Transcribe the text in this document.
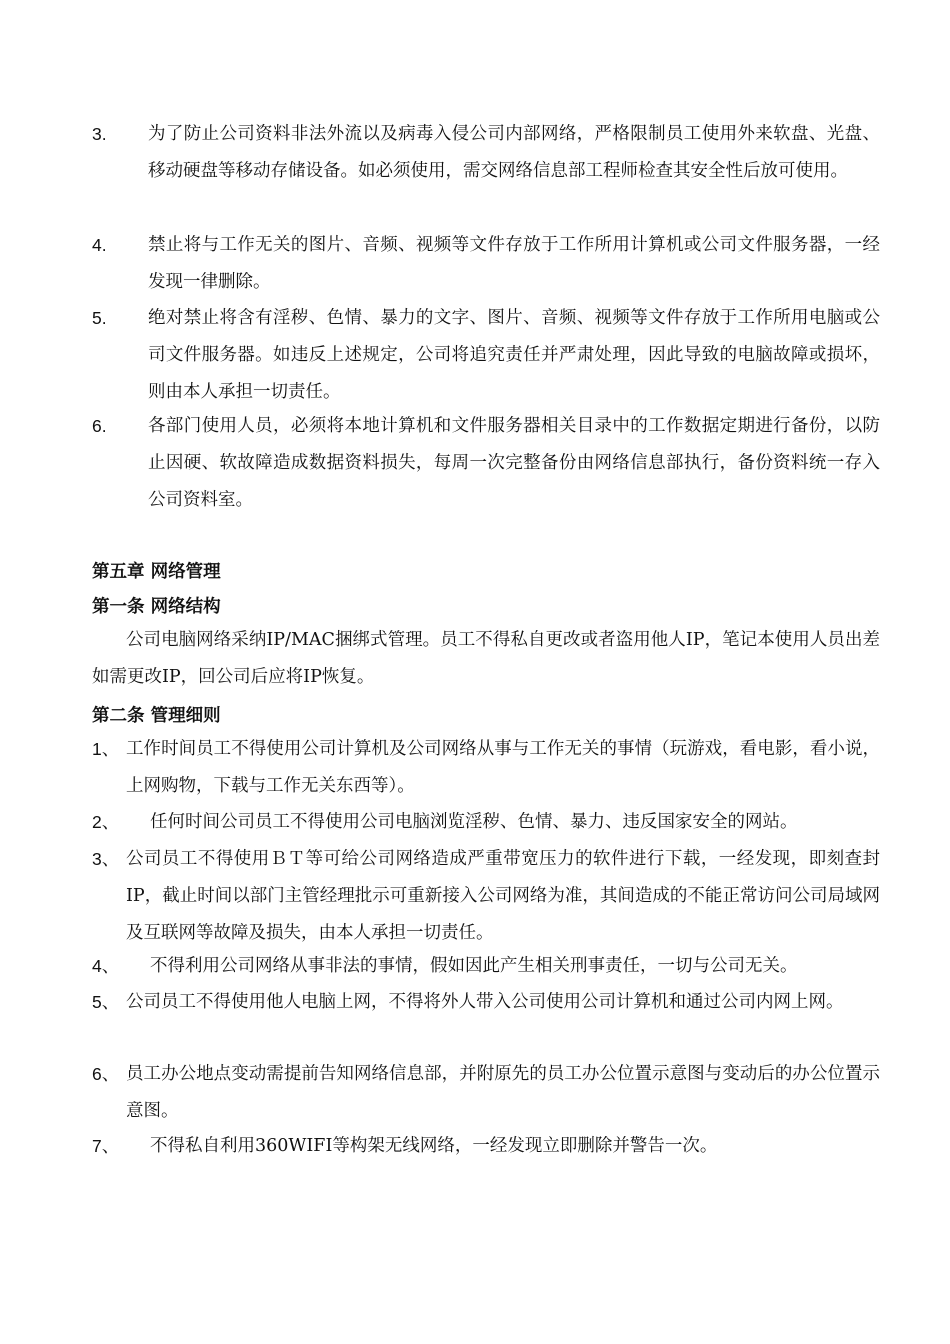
3. 为了防止公司资料非法外流以及病毒入侵公司内部网络，严格限制员工使用外来软盘、光盘、移动硬盘等移动存储设备。如必须使用，需交网络信息部工程师检查其安全性后放可使用。
4. 禁止将与工作无关的图片、音频、视频等文件存放于工作所用计算机或公司文件服务器，一经发现一律删除。
5. 绝对禁止将含有淫秽、色情、暴力的文字、图片、音频、视频等文件存放于工作所用电脑或公司文件服务器。如违反上述规定，公司将追究责任并严肃处理，因此导致的电脑故障或损坏，则由本人承担一切责任。
6. 各部门使用人员，必须将本地计算机和文件服务器相关目录中的工作数据定期进行备份，以防止因硬、软故障造成数据资料损失，每周一次完整备份由网络信息部执行，备份资料统一存入公司资料室。
第五章 网络管理
第一条 网络结构
公司电脑网络采纳IP/MAC捆绑式管理。员工不得私自更改或者盗用他人IP，笔记本使用人员出差如需更改IP，回公司后应将IP恢复。
第二条 管理细则
1、 工作时间员工不得使用公司计算机及公司网络从事与工作无关的事情（玩游戏，看电影，看小说，上网购物，下载与工作无关东西等）。
2、	任何时间公司员工不得使用公司电脑浏览淫秽、色情、暴力、违反国家安全的网站。
3、 公司员工不得使用ＢＴ等可给公司网络造成严重带宽压力的软件进行下载，一经发现，即刻查封IP，截止时间以部门主管经理批示可重新接入公司网络为准，其间造成的不能正常访问公司局域网及互联网等故障及损失，由本人承担一切责任。
4、	不得利用公司网络从事非法的事情，假如因此产生相关刑事责任，一切与公司无关。
5、 公司员工不得使用他人电脑上网，不得将外人带入公司使用公司计算机和通过公司内网上网。
6、 员工办公地点变动需提前告知网络信息部，并附原先的员工办公位置示意图与变动后的办公位置示意图。
7、	不得私自利用360WIFI等构架无线网络，一经发现立即删除并警告一次。
